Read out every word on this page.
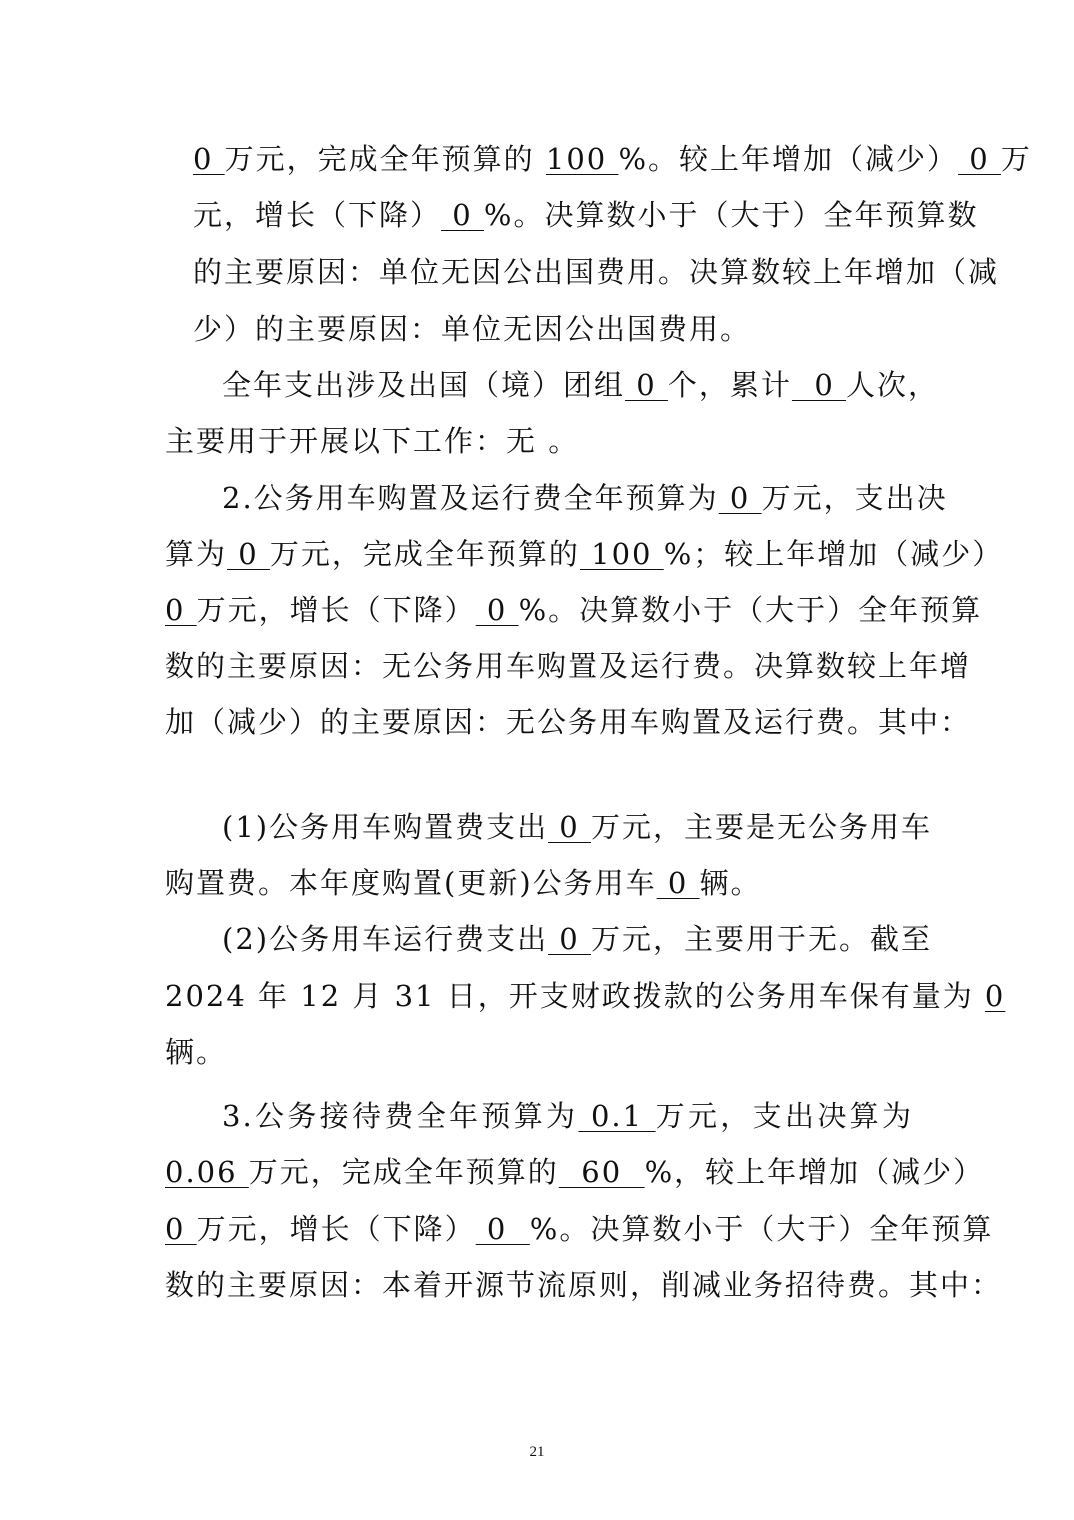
0 万元，完成全年预算的 100 %。较上年增加（减少） 0 万
元，增长（下降） 0 %。决算数小于（大于）全年预算数
的主要原因：单位无因公出国费用。决算数较上年增加（减
少）的主要原因：单位无因公出国费用。
全年支出涉及出国（境）团组 0 个，累计  0 人次，
主要用于开展以下工作：无 。
2.公务用车购置及运行费全年预算为 0 万元，支出决
算为 0 万元，完成全年预算的 100 %；较上年增加（减少）
0 万元，增长（下降） 0 %。决算数小于（大于）全年预算
数的主要原因：无公务用车购置及运行费。决算数较上年增
加（减少）的主要原因：无公务用车购置及运行费。其中：
(1)公务用车购置费支出 0 万元，主要是无公务用车
购置费。本年度购置(更新)公务用车 0 辆。
(2)公务用车运行费支出 0 万元，主要用于无。截至
2024 年 12 月 31 日，开支财政拨款的公务用车保有量为 0
辆。
3.公务接待费全年预算为 0.1 万元，支出决算为
0.06 万元，完成全年预算的  60  %，较上年增加（减少）
0 万元，增长（下降） 0  %。决算数小于（大于）全年预算
数的主要原因：本着开源节流原则，削减业务招待费。其中：
21
